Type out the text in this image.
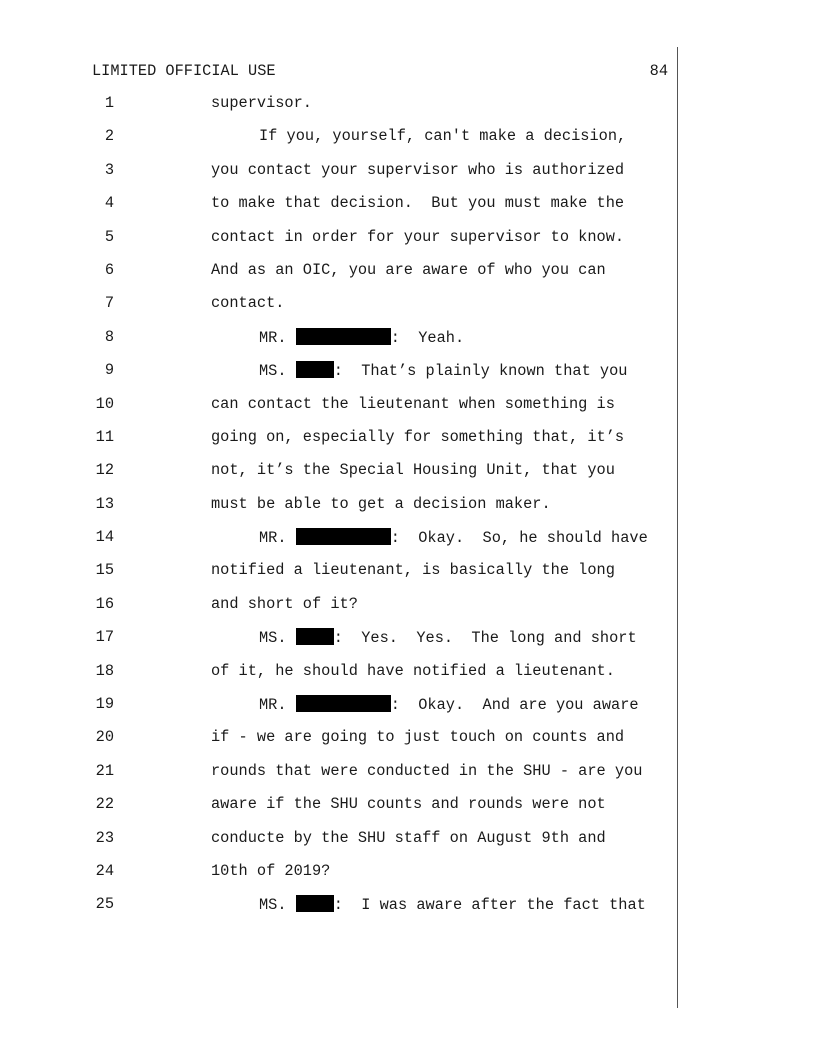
LIMITED OFFICIAL USE	84
1	supervisor.
2	If you, yourself, can't make a decision,
3	you contact your supervisor who is authorized
4	to make that decision.  But you must make the
5	contact in order for your supervisor to know.
6	And as an OIC, you are aware of who you can
7	contact.
8	MR.	:  Yeah.
9	MS. :  That’s plainly known that you
10	can contact the lieutenant when something is
11	going on, especially for something that, it’s
12	not, it’s the Special Housing Unit, that you
13	must be able to get a decision maker.
14	MR.	:  Okay.  So, he should have
15	notified a lieutenant, is basically the long
16	and short of it?
17	MS. :  Yes.  Yes.  The long and short
18	of it, he should have notified a lieutenant.
19	MR.	:  Okay.  And are you aware
20	if - we are going to just touch on counts and
21	rounds that were conducted in the SHU - are you
22	aware if the SHU counts and rounds were not
23	conducte by the SHU staff on August 9th and
24	10th of 2019?
25	MS. :  I was aware after the fact that
